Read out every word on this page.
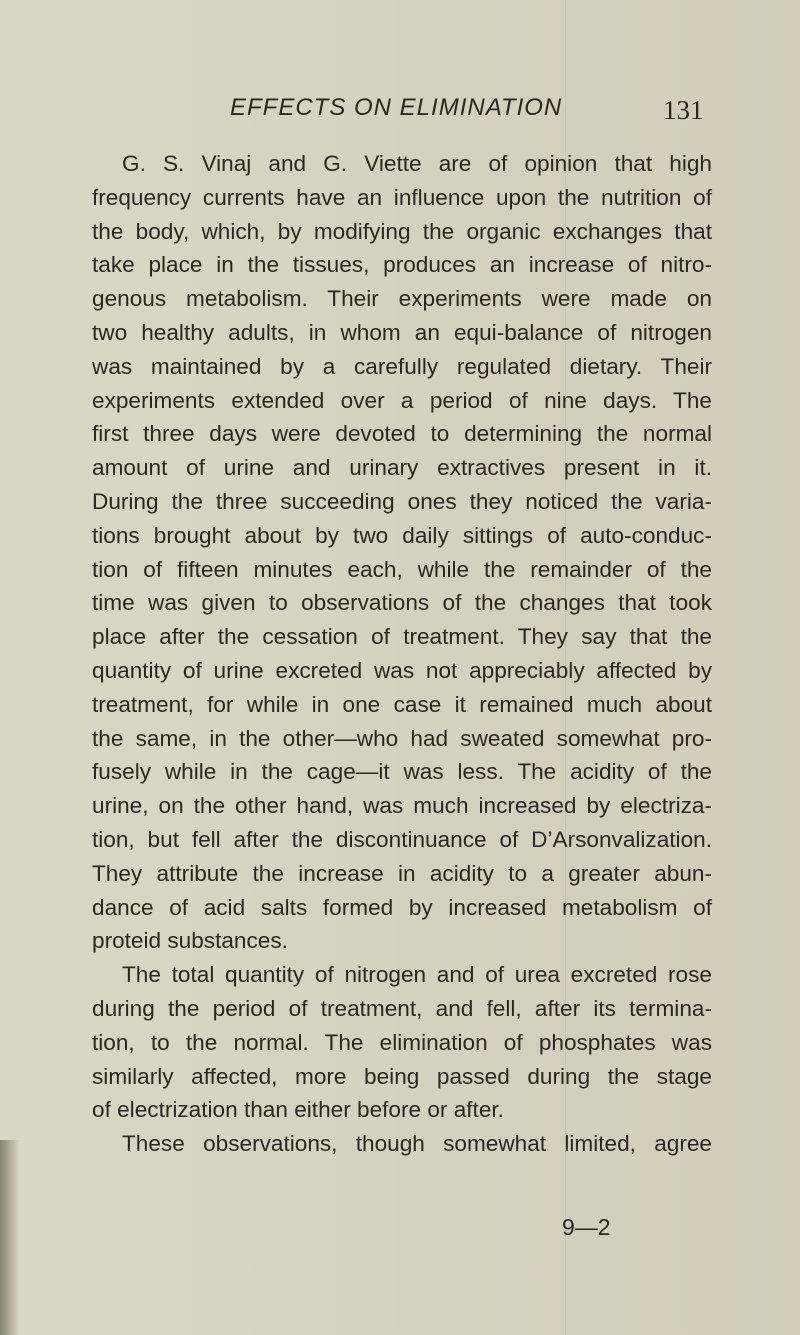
EFFECTS ON ELIMINATION	131
G. S. Vinaj and G. Viette are of opinion that high
frequency currents have an influence upon the nutrition of
the body, which, by modifying the organic exchanges that
take place in the tissues, produces an increase of nitro-
genous metabolism. Their experiments were made on
two healthy adults, in whom an equi-balance of nitrogen
was maintained by a carefully regulated dietary. Their
experiments extended over a period of nine days. The
first three days were devoted to determining the normal
amount of urine and urinary extractives present in it.
During the three succeeding ones they noticed the varia-
tions brought about by two daily sittings of auto-conduc-
tion of fifteen minutes each, while the remainder of the
time was given to observations of the changes that took
place after the cessation of treatment. They say that the
quantity of urine excreted was not appreciably affected by
treatment, for while in one case it remained much about
the same, in the other—who had sweated somewhat pro-
fusely while in the cage—it was less. The acidity of the
urine, on the other hand, was much increased by electriza-
tion, but fell after the discontinuance of D’Arsonvalization.
They attribute the increase in acidity to a greater abun-
dance of acid salts formed by increased metabolism of
proteid substances.
The total quantity of nitrogen and of urea excreted rose
during the period of treatment, and fell, after its termina-
tion, to the normal. The elimination of phosphates was
similarly affected, more being passed during the stage
of electrization than either before or after.
These observations, though somewhat limited, agree
9—2
